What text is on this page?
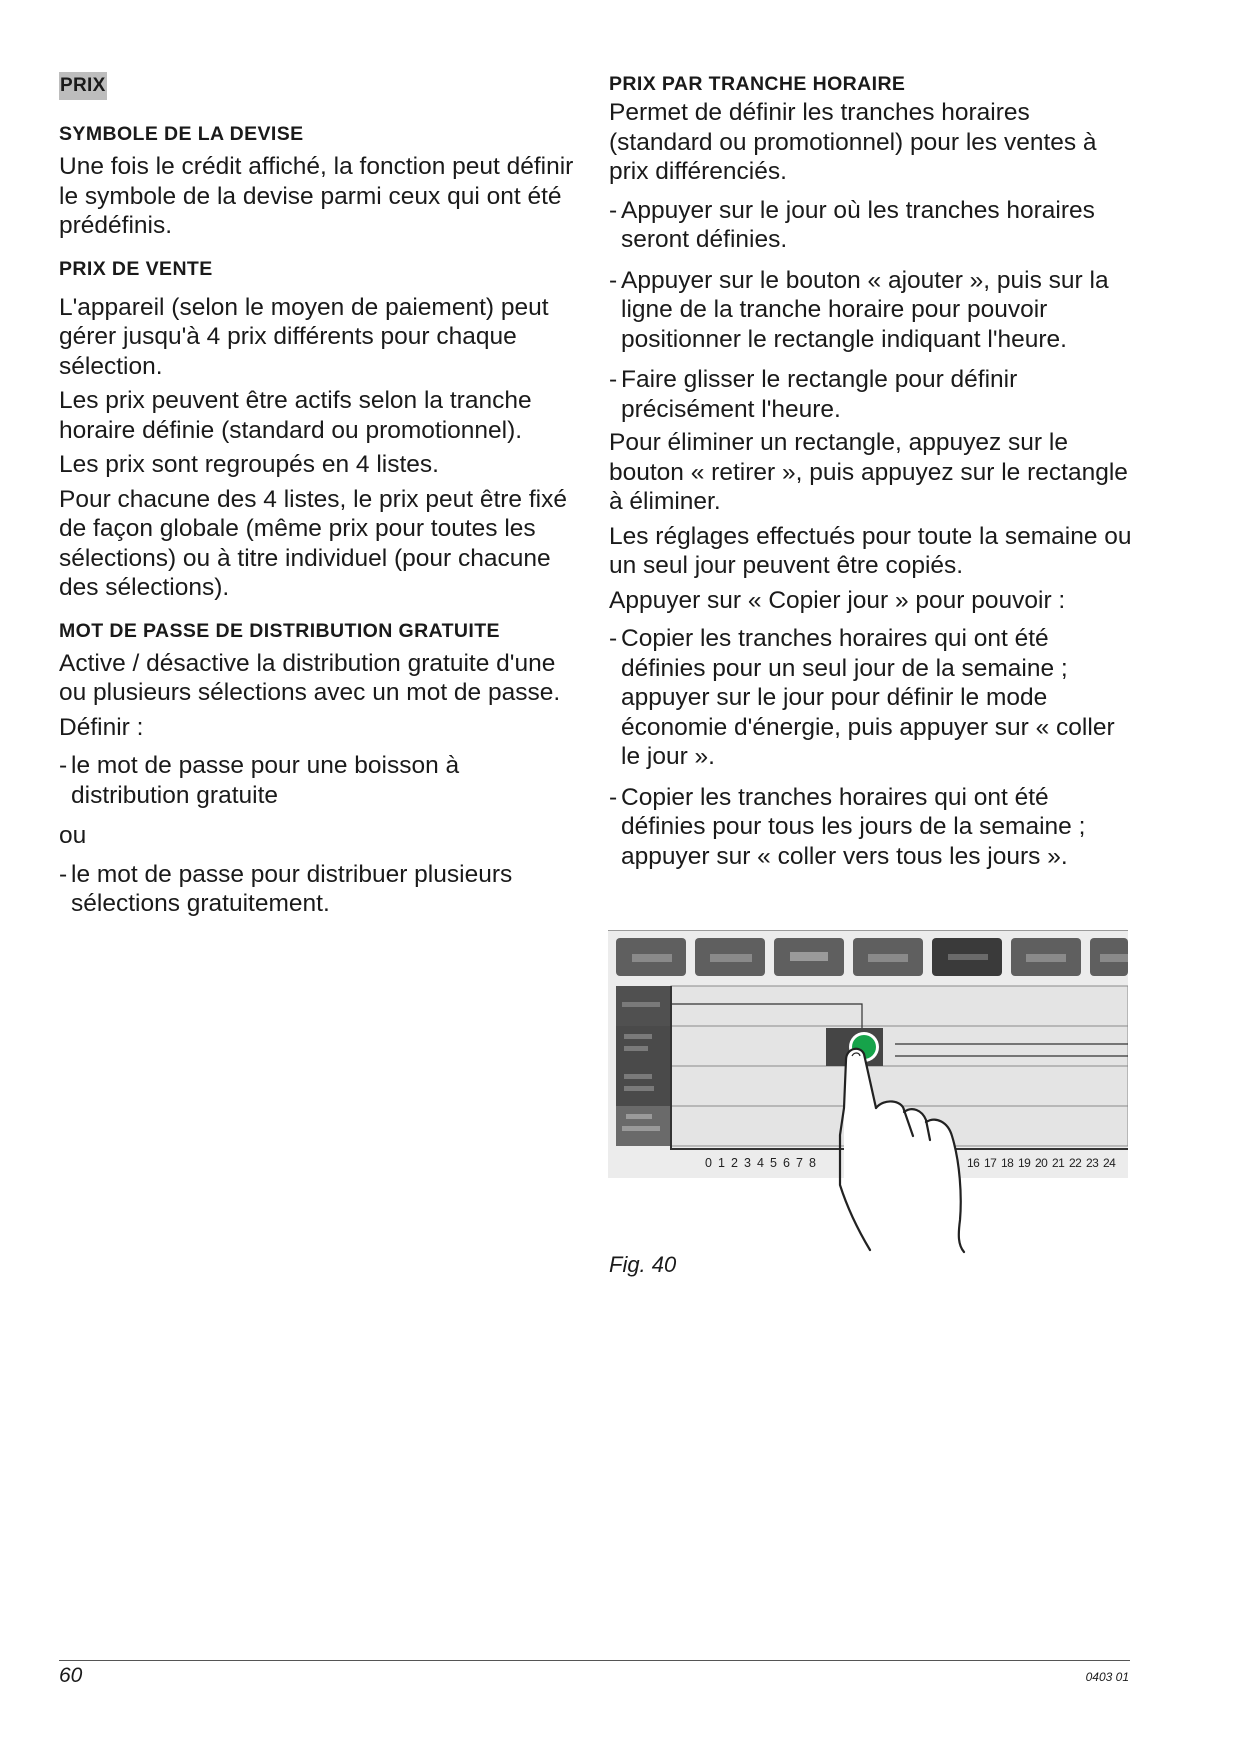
PRIX
SYMBOLE DE LA DEVISE
Une fois le crédit affiché, la fonction peut définir le symbole de la devise parmi ceux qui ont été prédéfinis.
PRIX DE VENTE
L'appareil (selon le moyen de paiement) peut gérer jusqu'à 4 prix différents pour chaque sélection.
Les prix peuvent être actifs selon la tranche horaire définie (standard ou promotionnel).
Les prix sont regroupés en 4 listes.
Pour chacune des 4 listes, le prix peut être fixé de façon globale (même prix pour toutes les sélections) ou à titre individuel (pour chacune des sélections).
MOT DE PASSE DE DISTRIBUTION GRATUITE
Active / désactive la distribution gratuite d'une ou plusieurs sélections avec un mot de passe.
Définir :
- le mot de passe pour une boisson à distribution gratuite
ou
- le mot de passe pour distribuer plusieurs sélections gratuitement.
PRIX PAR TRANCHE HORAIRE
Permet de définir les tranches horaires (standard ou promotionnel) pour les ventes à prix différenciés.
- Appuyer sur le jour où les tranches horaires seront définies.
- Appuyer sur le bouton « ajouter », puis sur la ligne de la tranche horaire pour pouvoir positionner le rectangle indiquant l'heure.
- Faire glisser le rectangle pour définir précisément l'heure.
Pour éliminer un rectangle, appuyez sur le bouton « retirer », puis appuyez sur le rectangle à éliminer.
Les réglages effectués pour toute la semaine ou un seul jour peuvent être copiés.
Appuyer sur « Copier jour » pour pouvoir :
- Copier les tranches horaires qui ont été définies pour un seul jour de la semaine ; appuyer sur le jour pour définir le mode économie d'énergie, puis appuyer sur « coller le jour ».
- Copier les tranches horaires qui ont été définies pour tous les jours de la semaine ; appuyer sur « coller vers tous les jours ».
0 1 2 3 4 5 6 7 8	16 17 18 19 20 21 22 23 24
Fig. 40
60	0403 01
